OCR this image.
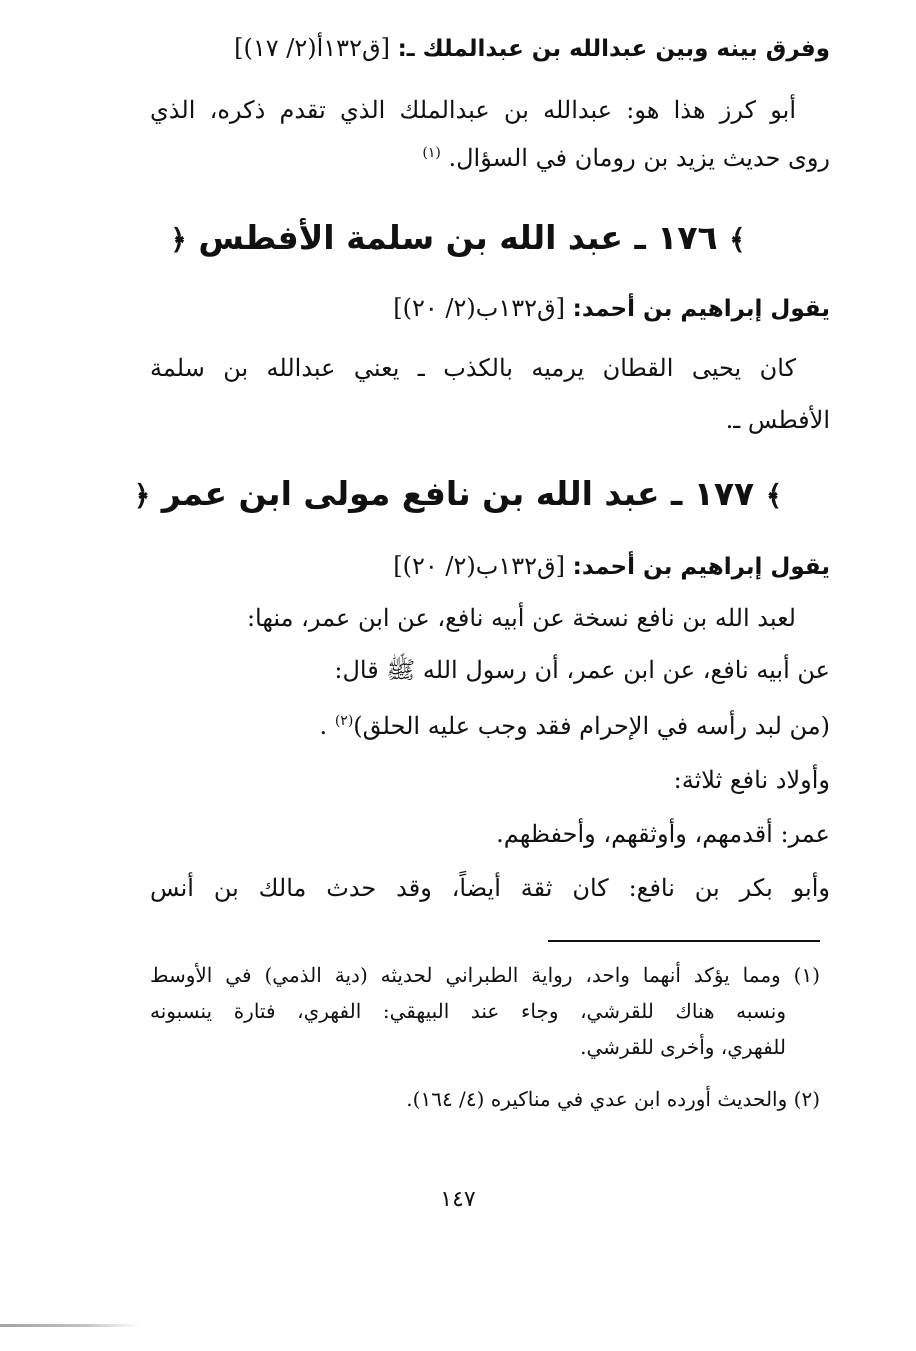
وفرق بينه وبين عبدالله بن عبدالملك ـ: [ق١٣٢أ(٢/ ١٧)]
أبو كرز هذا هو: عبدالله بن عبدالملك الذي تقدم ذكره، الذي
روى حديث يزيد بن رومان في السؤال. $^{(١)}$
﴾ ١٧٦ ـ عبد الله بن سلمة الأفطس ﴿
يقول إبراهيم بن أحمد: [ق١٣٢ب(٢/ ٢٠)]
كان يحيى القطان يرميه بالكذب ـ يعني عبدالله بن سلمة
الأفطس ـ.
﴾ ١٧٧ ـ عبد الله بن نافع مولى ابن عمر ﴿
يقول إبراهيم بن أحمد: [ق١٣٢ب(٢/ ٢٠)]
لعبد الله بن نافع نسخة عن أبيه نافع، عن ابن عمر، منها:
عن أبيه نافع، عن ابن عمر، أن رسول الله ﷺ قال:
(من لبد رأسه في الإحرام فقد وجب عليه الحلق)$^{(٢)}$ .
وأولاد نافع ثلاثة:
عمر: أقدمهم، وأوثقهم، وأحفظهم.
وأبو بكر بن نافع: كان ثقة أيضاً، وقد حدث مالك بن أنس
(١) ومما يؤكد أنهما واحد، رواية الطبراني لحديثه (دية الذمي) في الأوسط
ونسبه هناك للقرشي، وجاء عند البيهقي: الفهري، فتارة ينسبونه
للفهري، وأخرى للقرشي.
(٢) والحديث أورده ابن عدي في مناكيره (٤/ ١٦٤).
١٤٧
